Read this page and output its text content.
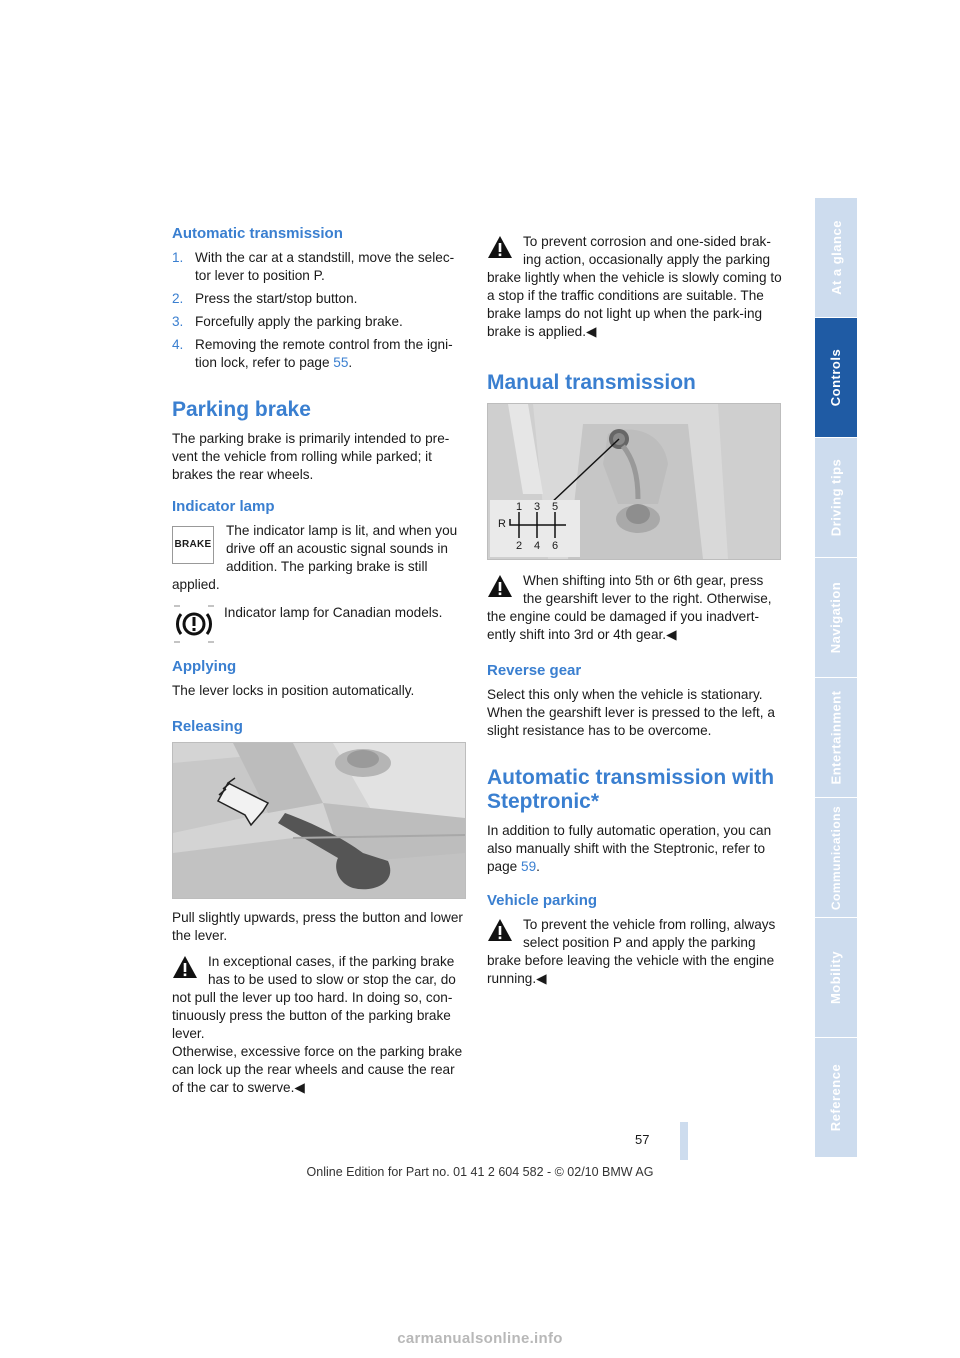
Automatic transmission
1. With the car at a standstill, move the selec-tor lever to position P.
2. Press the start/stop button.
3. Forcefully apply the parking brake.
4. Removing the remote control from the igni-tion lock, refer to page 55.
Parking brake

The parking brake is primarily intended to pre-vent the vehicle from rolling while parked; it brakes the rear wheels.

Indicator lamp
BRAKE

The indicator lamp is lit, and when you drive off an acoustic signal sounds in addition. The parking brake is still applied.

Indicator lamp for Canadian models.

Applying

The lever locks in position automatically.

Releasing

Pull slightly upwards, press the button and lower the lever.

In exceptional cases, if the parking brake has to be used to slow or stop the car, do not pull the lever up too hard. In doing so, con-tinuously press the button of the parking brake lever.

Otherwise, excessive force on the parking brake can lock up the rear wheels and cause the rear of the car to swerve.◀

To prevent corrosion and one-sided brak-ing action, occasionally apply the parking brake lightly when the vehicle is slowly coming to a stop if the traffic conditions are suitable. The brake lamps do not light up when the park-ing brake is applied.◀

Manual transmission
R
1 3 5
2 4 6

When shifting into 5th or 6th gear, press the gearshift lever to the right. Otherwise, the engine could be damaged if you inadvert-ently shift into 3rd or 4th gear.◀

Reverse gear

Select this only when the vehicle is stationary. When the gearshift lever is pressed to the left, a slight resistance has to be overcome.

Automatic transmission with Steptronic*

In addition to fully automatic operation, you can also manually shift with the Steptronic, refer to page 59.

Vehicle parking

To prevent the vehicle from rolling, always select position P and apply the parking brake before leaving the vehicle with the engine running.◀

At a glance
Controls
Driving tips
Navigation
Entertainment
Communications
Mobility
Reference
57
Online Edition for Part no. 01 41 2 604 582 - © 02/10 BMW AG
carmanualsonline.info
